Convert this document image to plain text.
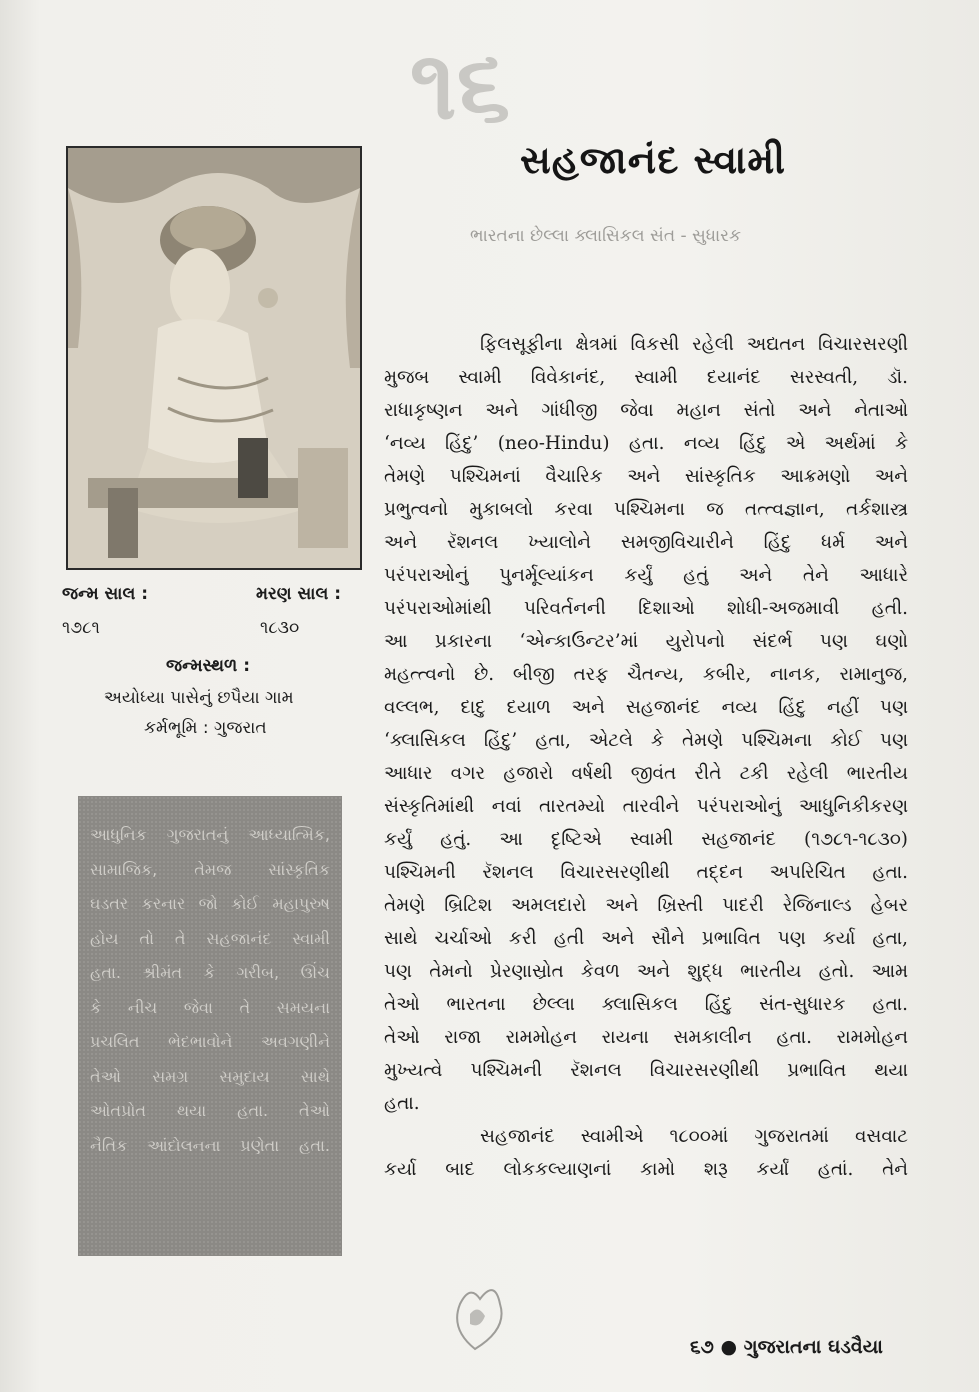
૧૬
સહજાનંદ સ્વામી
ભારતના છેલ્લા ક્લાસિકલ સંત - સુધારક
જન્મ સાલ :	મરણ સાલ :
૧૭૮૧	૧૮૩૦
જન્મસ્થળ :
અયોધ્યા પાસેનું છપૈયા ગામ
કર્મભૂમિ : ગુજરાત
આધુનિક ગુજરાતનું આધ્યાત્મિક,
સામાજિક, તેમજ સાંસ્કૃતિક
ઘડતર કરનાર જો કોઈ મહાપુરુષ
હોય તો તે સહજાનંદ સ્વામી
હતા. શ્રીમંત કે ગરીબ, ઊંચ
કે નીચ જેવા તે સમયના
પ્રચલિત ભેદભાવોને અવગણીને
તેઓ સમગ્ર સમુદાય સાથે
ઓતપ્રોત થયા હતા. તેઓ
નૈતિક આંદોલનના પ્રણેતા હતા.
ફિલસૂફીના ક્ષેત્રમાં વિકસી રહેલી અદ્યતન વિચારસરણી
મુજબ સ્વામી વિવેકાનંદ, સ્વામી દયાનંદ સરસ્વતી, ડૉ.
રાધાકૃષ્ણન અને ગાંધીજી જેવા મહાન સંતો અને નેતાઓ
‘નવ્ય હિંદુ’ (neo-Hindu) હતા. નવ્ય હિંદુ એ અર્થમાં કે
તેમણે પશ્ચિમનાં વૈચારિક અને સાંસ્કૃતિક આક્રમણો અને
પ્રભુત્વનો મુકાબલો કરવા પશ્ચિમના જ તત્ત્વજ્ઞાન, તર્કશાસ્ત્ર
અને રૅશનલ ખ્યાલોને સમજીવિચારીને હિંદુ ધર્મ અને
પરંપરાઓનું પુનર્મૂલ્યાંકન કર્યું હતું અને તેને આધારે
પરંપરાઓમાંથી પરિવર્તનની દિશાઓ શોધી-અજમાવી હતી.
આ પ્રકારના ‘એન્કાઉન્ટર’માં યુરોપનો સંદર્ભ પણ ઘણો
મહત્ત્વનો છે. બીજી તરફ ચૈતન્ય, કબીર, નાનક, રામાનુજ,
વલ્લભ, દાદુ દયાળ અને સહજાનંદ નવ્ય હિંદુ નહીં પણ
‘ક્લાસિકલ હિંદુ’ હતા, એટલે કે તેમણે પશ્ચિમના કોઈ પણ
આધાર વગર હજારો વર્ષથી જીવંત રીતે ટકી રહેલી ભારતીય
સંસ્કૃતિમાંથી નવાં તારતમ્યો તારવીને પરંપરાઓનું આધુનિકીકરણ
કર્યું હતું. આ દૃષ્ટિએ સ્વામી સહજાનંદ (૧૭૮૧-૧૮૩૦)
પશ્ચિમની રૅશનલ વિચારસરણીથી તદ્દન અપરિચિત હતા.
તેમણે બ્રિટિશ અમલદારો અને ખ્રિસ્તી પાદરી રેજિનાલ્ડ હેબર
સાથે ચર્ચાઓ કરી હતી અને સૌને પ્રભાવિત પણ કર્યા હતા,
પણ તેમનો પ્રેરણાસ્રોત કેવળ અને શુદ્ધ ભારતીય હતો. આમ
તેઓ ભારતના છેલ્લા ક્લાસિકલ હિંદુ સંત-સુધારક હતા.
તેઓ રાજા રામમોહન રાયના સમકાલીન હતા. રામમોહન
મુખ્યત્વે પશ્ચિમની રૅશનલ વિચારસરણીથી પ્રભાવિત થયા
હતા.
સહજાનંદ સ્વામીએ ૧૮૦૦માં ગુજરાતમાં વસવાટ
કર્યા બાદ લોકકલ્યાણનાં કામો શરૂ કર્યાં હતાં. તેને
૬૭ ● ગુજરાતના ઘડવૈયા
